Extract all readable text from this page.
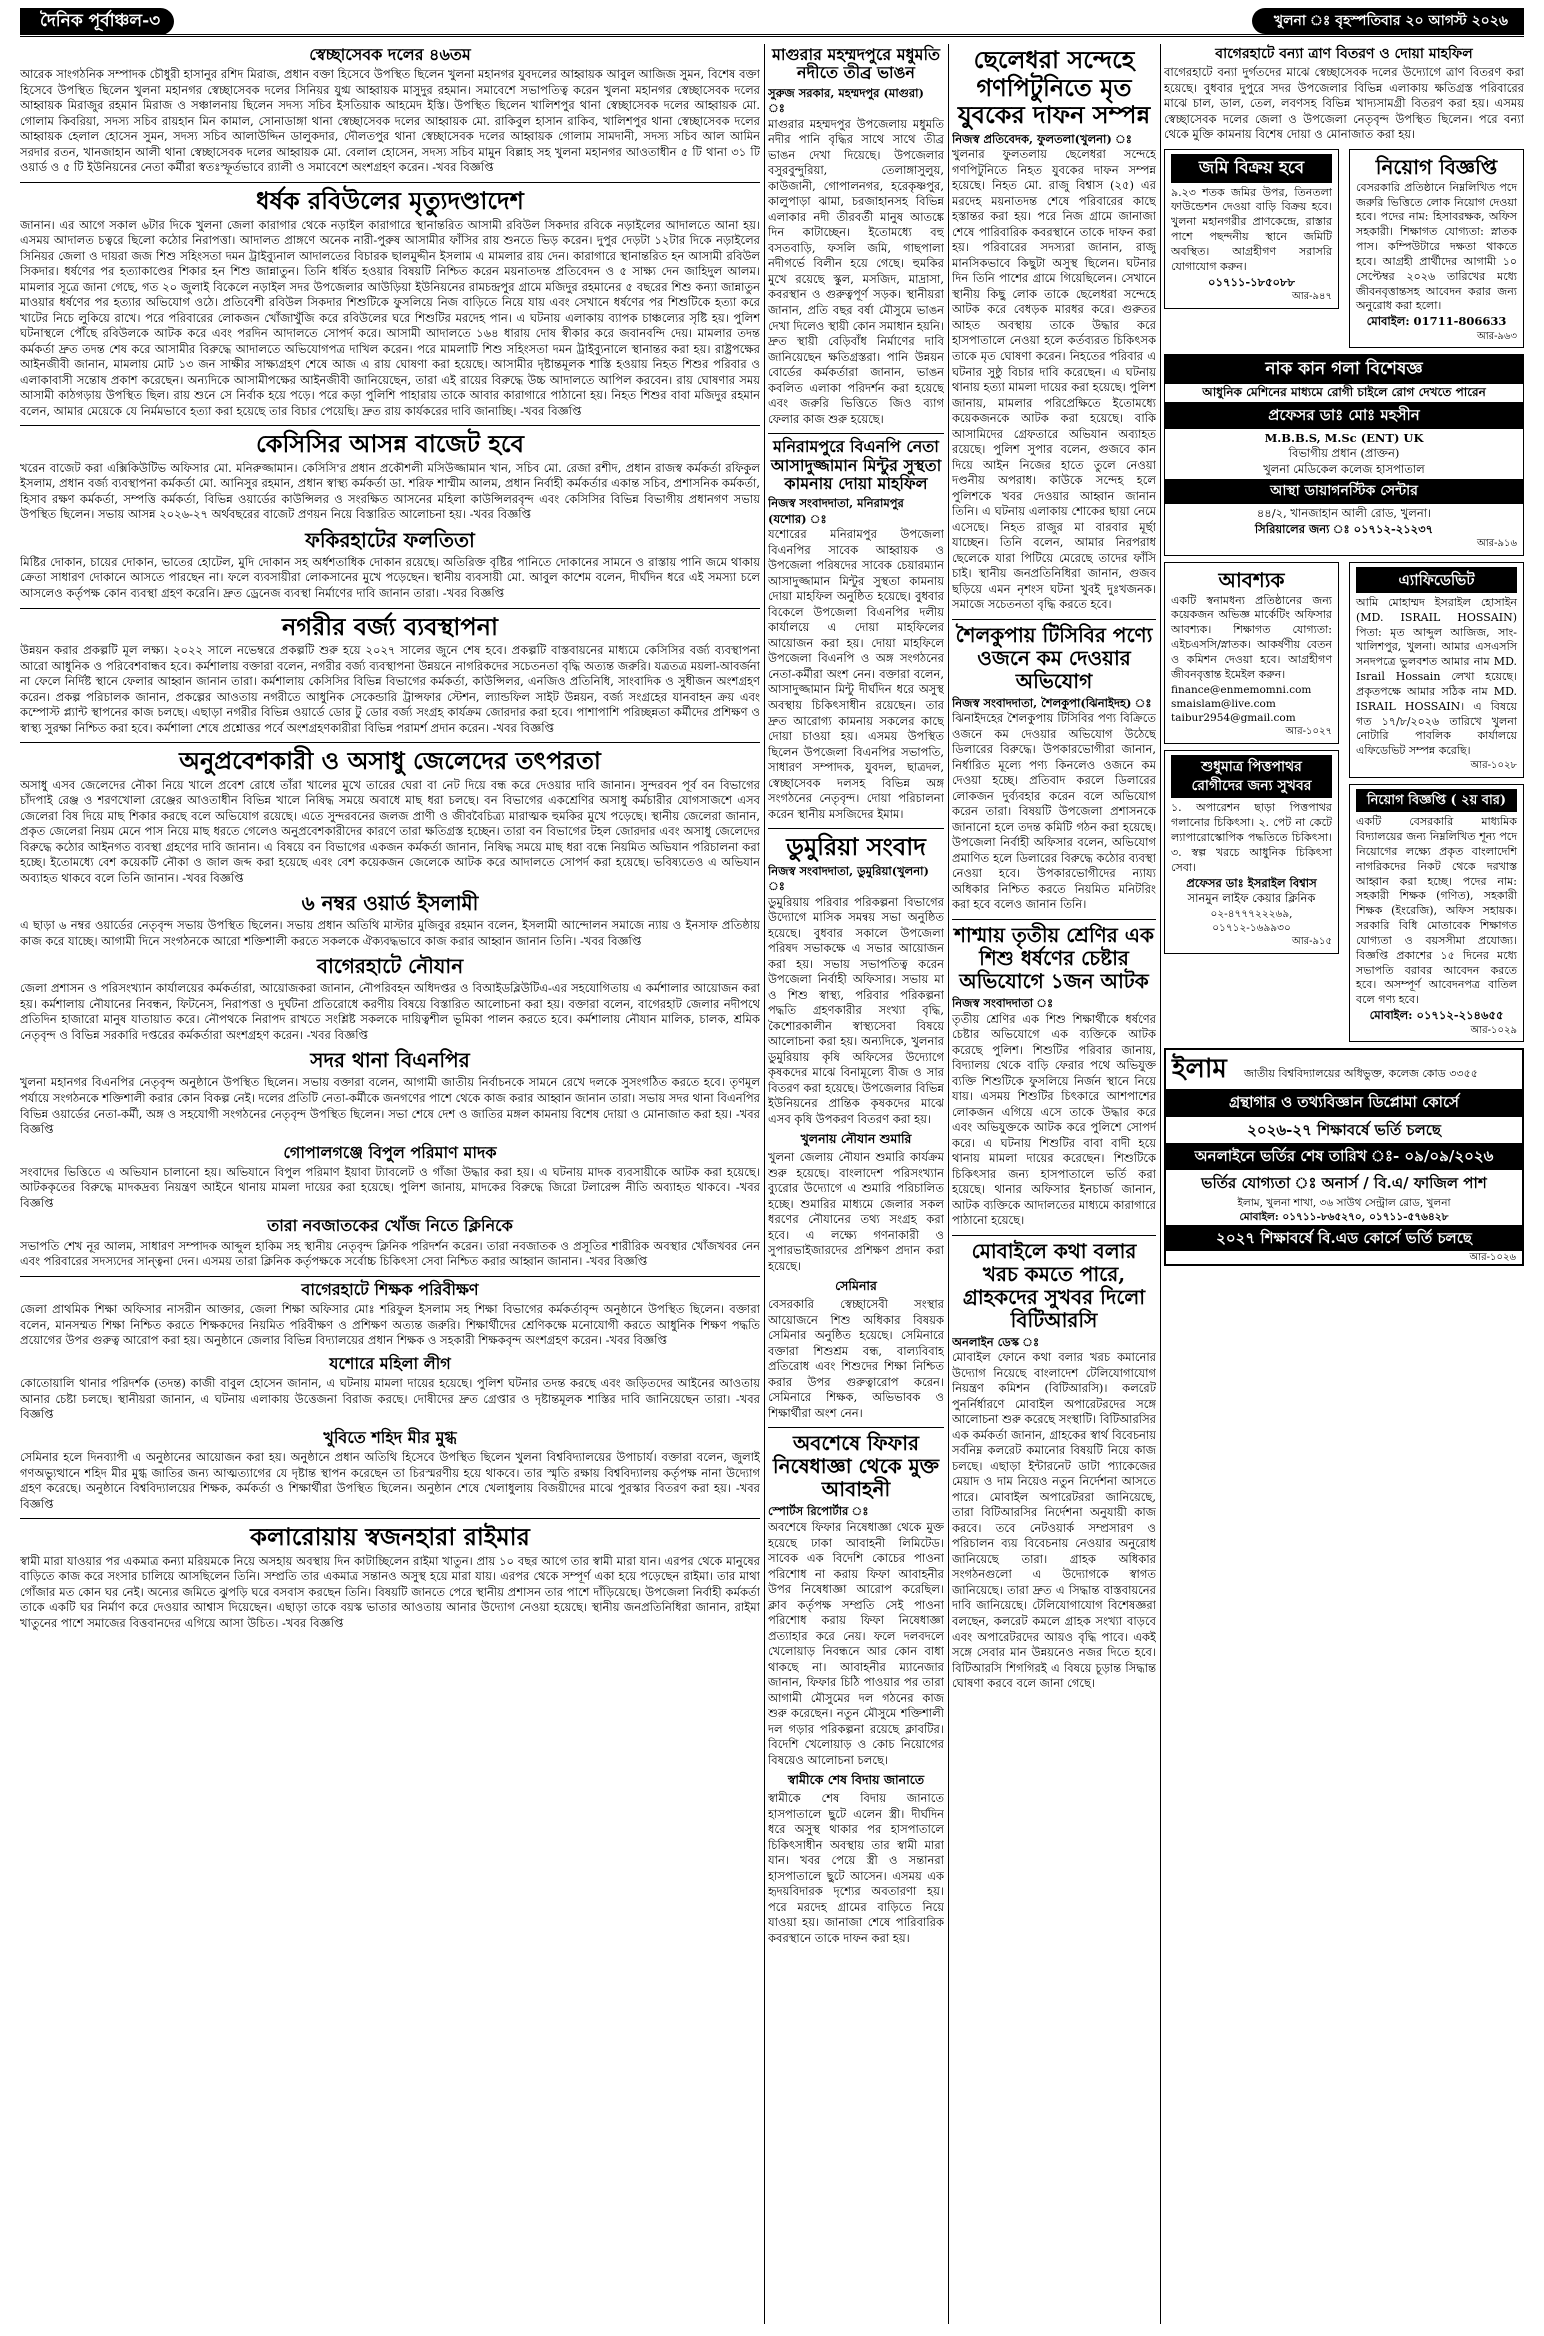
দৈনিক পূর্বাঞ্চল-৩	খুলনা ঃ বৃহস্পতিবার ২০ আগস্ট ২০২৬
স্বেচ্ছাসেবক দলের ৪৬তম
আরেক সাংগঠনিক সম্পাদক চৌধুরী হাসানুর রশিদ মিরাজ, প্রধান বক্তা হিসেবে উপস্থিত ছিলেন খুলনা মহানগর যুবদলের আহ্বায়ক আবুল আজিজ সুমন, বিশেষ বক্তা হিসেবে উপস্থিত ছিলেন খুলনা মহানগর স্বেচ্ছাসেবক দলের সিনিয়র যুগ্ম আহ্বায়ক মাসুদুর রহমান। সমাবেশে সভাপতিত্ব করেন খুলনা মহানগর স্বেচ্ছাসেবক দলের আহ্বায়ক মিরাজুর রহমান মিরাজ ও সঞ্চালনায় ছিলেন সদস্য সচিব ইসতিয়াক আহমেদ ইস্তি। উপস্থিত ছিলেন খালিশপুর থানা স্বেচ্ছাসেবক দলের আহ্বায়ক মো. গোলাম কিবরিয়া, সদস্য সচিব রায়হান মিন কামাল, সোনাডাঙ্গা থানা স্বেচ্ছাসেবক দলের আহ্বায়ক মো. রাকিবুল হাসান রাকিব, খালিশপুর থানা স্বেচ্ছাসেবক দলের আহ্বায়ক হেলাল হোসেন সুমন, সদস্য সচিব আলাউদ্দিন ডালুকদার, দৌলতপুর থানা স্বেচ্ছাসেবক দলের আহ্বায়ক গোলাম সামদানী, সদস্য সচিব আল আমিন সরদার রতন, খানজাহান আলী থানা স্বেচ্ছাসেবক দলের আহ্বায়ক মো. বেলাল হোসেন, সদস্য সচিব মামুন বিল্লাহ সহ খুলনা মহানগর আওতাধীন ৫ টি থানা ৩১ টি ওয়ার্ড ও ৫ টি ইউনিয়নের নেতা কর্মীরা স্বতঃস্ফূর্তভাবে র‍্যালী ও সমাবেশে অংশগ্রহণ করেন। -খবর বিজ্ঞপ্তি
ধর্ষক রবিউলের মৃত্যুদণ্ডাদেশ
জানান। এর আগে সকাল ৬টার দিকে খুলনা জেলা কারাগার থেকে নড়াইল কারাগারে স্থানান্তরিত আসামী রবিউল সিকদার রবিকে নড়াইলের আদালতে আনা হয়। এসময় আদালত চত্বরে ছিলো কঠোর নিরাপত্তা। আদালত প্রাঙ্গণে অনেক নারী-পুরুষ আসামীর ফাঁসির রায় শুনতে ভিড় করেন। দুপুর দেড়টা ১২টার দিকে নড়াইলের সিনিয়র জেলা ও দায়রা জজ শিশু সহিংসতা দমন ট্রাইব্যুনাল আদালতের বিচারক ছালমুদ্দীন ইসলাম এ মামলার রায় দেন। কারাগারে স্থানান্তরিত হন আসামী রবিউল সিকদার। ধর্ষণের পর হত্যাকাণ্ডের শিকার হন শিশু জান্নাতুন। তিনি ধর্ষিত হওয়ার বিষয়টি নিশ্চিত করেন ময়নাতদন্ত প্রতিবেদন ও ৫ সাক্ষ্য দেন জাহিদুল আলম। মামলার সূত্রে জানা গেছে, গত ২০ জুলাই বিকেলে নড়াইল সদর উপজেলার আউড়িয়া ইউনিয়নের রামচন্দ্রপুর গ্রামে মজিদুর রহমানের ৫ বছরের শিশু কন্যা জান্নাতুন মাওয়ার ধর্ষণের পর হত্যার অভিযোগ ওঠে। প্রতিবেশী রবিউল সিকদার শিশুটিকে ফুসলিয়ে নিজ বাড়িতে নিয়ে যায় এবং সেখানে ধর্ষণের পর শিশুটিকে হত্যা করে খাটের নিচে লুকিয়ে রাখে। পরে পরিবারের লোকজন খোঁজাখুঁজি করে রবিউলের ঘরে শিশুটির মরদেহ পান। এ ঘটনায় এলাকায় ব্যাপক চাঞ্চল্যের সৃষ্টি হয়। পুলিশ ঘটনাস্থলে পৌঁছে রবিউলকে আটক করে এবং পরদিন আদালতে সোপর্দ করে। আসামী আদালতে ১৬৪ ধারায় দোষ স্বীকার করে জবানবন্দি দেয়। মামলার তদন্ত কর্মকর্তা দ্রুত তদন্ত শেষ করে আসামীর বিরুদ্ধে আদালতে অভিযোগপত্র দাখিল করেন। পরে মামলাটি শিশু সহিংসতা দমন ট্রাইব্যুনালে স্থানান্তর করা হয়। রাষ্ট্রপক্ষের আইনজীবী জানান, মামলায় মোট ১৩ জন সাক্ষীর সাক্ষ্যগ্রহণ শেষে আজ এ রায় ঘোষণা করা হয়েছে। আসামীর দৃষ্টান্তমূলক শাস্তি হওয়ায় নিহত শিশুর পরিবার ও এলাকাবাসী সন্তোষ প্রকাশ করেছেন। অন্যদিকে আসামীপক্ষের আইনজীবী জানিয়েছেন, তারা এই রায়ের বিরুদ্ধে উচ্চ আদালতে আপিল করবেন। রায় ঘোষণার সময় আসামী কাঠগড়ায় উপস্থিত ছিল। রায় শুনে সে নির্বাক হয়ে পড়ে। পরে কড়া পুলিশি পাহারায় তাকে আবার কারাগারে পাঠানো হয়। নিহত শিশুর বাবা মজিদুর রহমান বলেন, আমার মেয়েকে যে নির্মমভাবে হত্যা করা হয়েছে তার বিচার পেয়েছি। দ্রুত রায় কার্যকরের দাবি জানাচ্ছি। -খবর বিজ্ঞপ্তি
কেসিসির আসন্ন বাজেট হবে
খরেন বাজেট করা এক্সিকিউটিভ অফিসার মো. মনিরুজ্জামান। কেসিসি'র প্রধান প্রকৌশলী মসিউজ্জামান খান, সচিব মো. রেজা রশীদ, প্রধান রাজস্ব কর্মকর্তা রফিকুল ইসলাম, প্রধান বর্জ্য ব্যবস্থাপনা কর্মকর্তা মো. আনিসুর রহমান, প্রধান স্বাস্থ্য কর্মকর্তা ডা. শরিফ শাম্মীম আলম, প্রধান নির্বাহী কর্মকর্তার একান্ত সচিব, প্রশাসনিক কর্মকর্তা, হিসাব রক্ষণ কর্মকর্তা, সম্পত্তি কর্মকর্তা, বিভিন্ন ওয়ার্ডের কাউন্সিলর ও সংরক্ষিত আসনের মহিলা কাউন্সিলরবৃন্দ এবং কেসিসির বিভিন্ন বিভাগীয় প্রধানগণ সভায় উপস্থিত ছিলেন। সভায় আসন্ন ২০২৬-২৭ অর্থবছরের বাজেট প্রণয়ন নিয়ে বিস্তারিত আলোচনা হয়। -খবর বিজ্ঞপ্তি
ফকিরহাটের ফলতিতা
মিষ্টির দোকান, চায়ের দোকান, ভাতের হোটেল, মুদি দোকান সহ অর্ধশতাধিক দোকান রয়েছে। অতিরিক্ত বৃষ্টির পানিতে দোকানের সামনে ও রাস্তায় পানি জমে থাকায় ক্রেতা সাধারণ দোকানে আসতে পারছেন না। ফলে ব্যবসায়ীরা লোকসানের মুখে পড়েছেন। স্থানীয় ব্যবসায়ী মো. আবুল কাশেম বলেন, দীর্ঘদিন ধরে এই সমস্যা চলে আসলেও কর্তৃপক্ষ কোন ব্যবস্থা গ্রহণ করেনি। দ্রুত ড্রেনেজ ব্যবস্থা নির্মাণের দাবি জানান তারা। -খবর বিজ্ঞপ্তি
নগরীর বর্জ্য ব্যবস্থাপনা
উন্নয়ন করার প্রকল্পটি মূল লক্ষ্য। ২০২২ সালে নভেম্বরে প্রকল্পটি শুরু হয়ে ২০২৭ সালের জুনে শেষ হবে। প্রকল্পটি বাস্তবায়নের মাধ্যমে কেসিসির বর্জ্য ব্যবস্থাপনা আরো আধুনিক ও পরিবেশবান্ধব হবে। কর্মশালায় বক্তারা বলেন, নগরীর বর্জ্য ব্যবস্থাপনা উন্নয়নে নাগরিকদের সচেতনতা বৃদ্ধি অত্যন্ত জরুরি। যত্রতত্র ময়লা-আবর্জনা না ফেলে নির্দিষ্ট স্থানে ফেলার আহ্বান জানান তারা। কর্মশালায় কেসিসির বিভিন্ন বিভাগের কর্মকর্তা, কাউন্সিলর, এনজিও প্রতিনিধি, সাংবাদিক ও সুধীজন অংশগ্রহণ করেন। প্রকল্প পরিচালক জানান, প্রকল্পের আওতায় নগরীতে আধুনিক সেকেন্ডারি ট্রান্সফার স্টেশন, ল্যান্ডফিল সাইট উন্নয়ন, বর্জ্য সংগ্রহের যানবাহন ক্রয় এবং কম্পোস্ট প্ল্যান্ট স্থাপনের কাজ চলছে। এছাড়া নগরীর বিভিন্ন ওয়ার্ডে ডোর টু ডোর বর্জ্য সংগ্রহ কার্যক্রম জোরদার করা হবে। পাশাপাশি পরিচ্ছন্নতা কর্মীদের প্রশিক্ষণ ও স্বাস্থ্য সুরক্ষা নিশ্চিত করা হবে। কর্মশালা শেষে প্রশ্নোত্তর পর্বে অংশগ্রহণকারীরা বিভিন্ন পরামর্শ প্রদান করেন। -খবর বিজ্ঞপ্তি
অনুপ্রবেশকারী ও অসাধু জেলেদের তৎপরতা
অসাধু এসব জেলেদের নৌকা নিয়ে খালে প্রবেশ রোধে তাঁরা খালের মুখে তারের ঘেরা বা নেট দিয়ে বন্ধ করে দেওয়ার দাবি জানান। সুন্দরবন পূর্ব বন বিভাগের চাঁদপাই রেঞ্জ ও শরণখোলা রেঞ্জের আওতাধীন বিভিন্ন খালে নিষিদ্ধ সময়ে অবাধে মাছ ধরা চলছে। বন বিভাগের একশ্রেণির অসাধু কর্মচারীর যোগসাজশে এসব জেলেরা বিষ দিয়ে মাছ শিকার করছে বলে অভিযোগ রয়েছে। এতে সুন্দরবনের জলজ প্রাণী ও জীববৈচিত্র্য মারাত্মক হুমকির মুখে পড়েছে। স্থানীয় জেলেরা জানান, প্রকৃত জেলেরা নিয়ম মেনে পাস নিয়ে মাছ ধরতে গেলেও অনুপ্রবেশকারীদের কারণে তারা ক্ষতিগ্রস্ত হচ্ছেন। তারা বন বিভাগের টহল জোরদার এবং অসাধু জেলেদের বিরুদ্ধে কঠোর আইনগত ব্যবস্থা গ্রহণের দাবি জানান। এ বিষয়ে বন বিভাগের একজন কর্মকর্তা জানান, নিষিদ্ধ সময়ে মাছ ধরা বন্ধে নিয়মিত অভিযান পরিচালনা করা হচ্ছে। ইতোমধ্যে বেশ কয়েকটি নৌকা ও জাল জব্দ করা হয়েছে এবং বেশ কয়েকজন জেলেকে আটক করে আদালতে সোপর্দ করা হয়েছে। ভবিষ্যতেও এ অভিযান অব্যাহত থাকবে বলে তিনি জানান। -খবর বিজ্ঞপ্তি
৬ নম্বর ওয়ার্ড ইসলামী
এ ছাড়া ৬ নম্বর ওয়ার্ডের নেতৃবৃন্দ সভায় উপস্থিত ছিলেন। সভায় প্রধান অতিথি মাস্টার মুজিবুর রহমান বলেন, ইসলামী আন্দোলন সমাজে ন্যায় ও ইনসাফ প্রতিষ্ঠায় কাজ করে যাচ্ছে। আগামী দিনে সংগঠনকে আরো শক্তিশালী করতে সকলকে ঐক্যবদ্ধভাবে কাজ করার আহ্বান জানান তিনি। -খবর বিজ্ঞপ্তি
বাগেরহাটে নৌযান
জেলা প্রশাসন ও পরিসংখ্যান কার্যালয়ের কর্মকর্তারা, আয়োজকরা জানান, নৌপরিবহন অধিদপ্তর ও বিআইডব্লিউটিএ-এর সহযোগিতায় এ কর্মশালার আয়োজন করা হয়। কর্মশালায় নৌযানের নিবন্ধন, ফিটনেস, নিরাপত্তা ও দুর্ঘটনা প্রতিরোধে করণীয় বিষয়ে বিস্তারিত আলোচনা করা হয়। বক্তারা বলেন, বাগেরহাট জেলার নদীপথে প্রতিদিন হাজারো মানুষ যাতায়াত করে। নৌপথকে নিরাপদ রাখতে সংশ্লিষ্ট সকলকে দায়িত্বশীল ভূমিকা পালন করতে হবে। কর্মশালায় নৌযান মালিক, চালক, শ্রমিক নেতৃবৃন্দ ও বিভিন্ন সরকারি দপ্তরের কর্মকর্তারা অংশগ্রহণ করেন। -খবর বিজ্ঞপ্তি
সদর থানা বিএনপির
খুলনা মহানগর বিএনপির নেতৃবৃন্দ অনুষ্ঠানে উপস্থিত ছিলেন। সভায় বক্তারা বলেন, আগামী জাতীয় নির্বাচনকে সামনে রেখে দলকে সুসংগঠিত করতে হবে। তৃণমূল পর্যায়ে সংগঠনকে শক্তিশালী করার কোন বিকল্প নেই। দলের প্রতিটি নেতা-কর্মীকে জনগণের পাশে থেকে কাজ করার আহ্বান জানান তারা। সভায় সদর থানা বিএনপির বিভিন্ন ওয়ার্ডের নেতা-কর্মী, অঙ্গ ও সহযোগী সংগঠনের নেতৃবৃন্দ উপস্থিত ছিলেন। সভা শেষে দেশ ও জাতির মঙ্গল কামনায় বিশেষ দোয়া ও মোনাজাত করা হয়। -খবর বিজ্ঞপ্তি
গোপালগঞ্জে বিপুল পরিমাণ মাদক
সংবাদের ভিত্তিতে এ অভিযান চালানো হয়। অভিযানে বিপুল পরিমাণ ইয়াবা ট্যাবলেট ও গাঁজা উদ্ধার করা হয়। এ ঘটনায় মাদক ব্যবসায়ীকে আটক করা হয়েছে। আটককৃতের বিরুদ্ধে মাদকদ্রব্য নিয়ন্ত্রণ আইনে থানায় মামলা দায়ের করা হয়েছে। পুলিশ জানায়, মাদকের বিরুদ্ধে জিরো টলারেন্স নীতি অব্যাহত থাকবে। -খবর বিজ্ঞপ্তি
তারা নবজাতকের খোঁজ নিতে ক্লিনিকে
সভাপতি শেখ নূর আলম, সাধারণ সম্পাদক আব্দুল হাকিম সহ স্থানীয় নেতৃবৃন্দ ক্লিনিক পরিদর্শন করেন। তারা নবজাতক ও প্রসূতির শারীরিক অবস্থার খোঁজখবর নেন এবং পরিবারের সদস্যদের সান্ত্বনা দেন। এসময় তারা ক্লিনিক কর্তৃপক্ষকে সর্বোচ্চ চিকিৎসা সেবা নিশ্চিত করার আহ্বান জানান। -খবর বিজ্ঞপ্তি
বাগেরহাটে শিক্ষক পরিবীক্ষণ
জেলা প্রাথমিক শিক্ষা অফিসার নাসরীন আক্তার, জেলা শিক্ষা অফিসার মোঃ শরিফুল ইসলাম সহ শিক্ষা বিভাগের কর্মকর্তাবৃন্দ অনুষ্ঠানে উপস্থিত ছিলেন। বক্তারা বলেন, মানসম্মত শিক্ষা নিশ্চিত করতে শিক্ষকদের নিয়মিত পরিবীক্ষণ ও প্রশিক্ষণ অত্যন্ত জরুরি। শিক্ষার্থীদের শ্রেণিকক্ষে মনোযোগী করতে আধুনিক শিক্ষণ পদ্ধতি প্রয়োগের উপর গুরুত্ব আরোপ করা হয়। অনুষ্ঠানে জেলার বিভিন্ন বিদ্যালয়ের প্রধান শিক্ষক ও সহকারী শিক্ষকবৃন্দ অংশগ্রহণ করেন। -খবর বিজ্ঞপ্তি
যশোরে মহিলা লীগ
কোতোয়ালি থানার পরিদর্শক (তদন্ত) কাজী বাবুল হোসেন জানান, এ ঘটনায় মামলা দায়ের হয়েছে। পুলিশ ঘটনার তদন্ত করছে এবং জড়িতদের আইনের আওতায় আনার চেষ্টা চলছে। স্থানীয়রা জানান, এ ঘটনায় এলাকায় উত্তেজনা বিরাজ করছে। দোষীদের দ্রুত গ্রেপ্তার ও দৃষ্টান্তমূলক শাস্তির দাবি জানিয়েছেন তারা। -খবর বিজ্ঞপ্তি
খুবিতে শহিদ মীর মুগ্ধ
সেমিনার হলে দিনব্যাপী এ অনুষ্ঠানের আয়োজন করা হয়। অনুষ্ঠানে প্রধান অতিথি হিসেবে উপস্থিত ছিলেন খুলনা বিশ্ববিদ্যালয়ের উপাচার্য। বক্তারা বলেন, জুলাই গণঅভ্যুত্থানে শহিদ মীর মুগ্ধ জাতির জন্য আত্মত্যাগের যে দৃষ্টান্ত স্থাপন করেছেন তা চিরস্মরণীয় হয়ে থাকবে। তার স্মৃতি রক্ষায় বিশ্ববিদ্যালয় কর্তৃপক্ষ নানা উদ্যোগ গ্রহণ করেছে। অনুষ্ঠানে বিশ্ববিদ্যালয়ের শিক্ষক, কর্মকর্তা ও শিক্ষার্থীরা উপস্থিত ছিলেন। অনুষ্ঠান শেষে খেলাধুলায় বিজয়ীদের মাঝে পুরস্কার বিতরণ করা হয়। -খবর বিজ্ঞপ্তি
কলারোয়ায় স্বজনহারা রাইমার
স্বামী মারা যাওয়ার পর একমাত্র কন্যা মরিয়মকে নিয়ে অসহায় অবস্থায় দিন কাটাচ্ছিলেন রাইমা খাতুন। প্রায় ১০ বছর আগে তার স্বামী মারা যান। এরপর থেকে মানুষের বাড়িতে কাজ করে সংসার চালিয়ে আসছিলেন তিনি। সম্প্রতি তার একমাত্র সন্তানও অসুস্থ হয়ে মারা যায়। এরপর থেকে সম্পূর্ণ একা হয়ে পড়েছেন রাইমা। তার মাথা গোঁজার মত কোন ঘর নেই। অন্যের জমিতে ঝুপড়ি ঘরে বসবাস করছেন তিনি। বিষয়টি জানতে পেরে স্থানীয় প্রশাসন তার পাশে দাঁড়িয়েছে। উপজেলা নির্বাহী কর্মকর্তা তাকে একটি ঘর নির্মাণ করে দেওয়ার আশ্বাস দিয়েছেন। এছাড়া তাকে বয়স্ক ভাতার আওতায় আনার উদ্যোগ নেওয়া হয়েছে। স্থানীয় জনপ্রতিনিধিরা জানান, রাইমা খাতুনের পাশে সমাজের বিত্তবানদের এগিয়ে আসা উচিত। -খবর বিজ্ঞপ্তি
মাগুরার মহম্মদপুরে মধুমতি নদীতে তীব্র ভাঙন
সুরুজ সরকার, মহম্মদপুর (মাগুরা) ঃ
মাগুরার মহম্মদপুর উপজেলায় মধুমতি নদীর পানি বৃদ্ধির সাথে সাথে তীব্র ভাঙন দেখা দিয়েছে। উপজেলার বসুরবুন্দুরিয়া, তেলাঙ্গাসুলুয়, কাউজানী, গোপালনগর, হরেকৃষ্ণপুর, কালুপাড়া ঝামা, চরজাহানসহ বিভিন্ন এলাকার নদী তীরবর্তী মানুষ আতঙ্কে দিন কাটাচ্ছেন। ইতোমধ্যে বহু বসতবাড়ি, ফসলি জমি, গাছপালা নদীগর্ভে বিলীন হয়ে গেছে। হুমকির মুখে রয়েছে স্কুল, মসজিদ, মাদ্রাসা, কবরস্থান ও গুরুত্বপূর্ণ সড়ক। স্থানীয়রা জানান, প্রতি বছর বর্ষা মৌসুমে ভাঙন দেখা দিলেও স্থায়ী কোন সমাধান হয়নি। দ্রুত স্থায়ী বেড়িবাঁধ নির্মাণের দাবি জানিয়েছেন ক্ষতিগ্রস্তরা। পানি উন্নয়ন বোর্ডের কর্মকর্তারা জানান, ভাঙন কবলিত এলাকা পরিদর্শন করা হয়েছে এবং জরুরি ভিত্তিতে জিও ব্যাগ ফেলার কাজ শুরু হয়েছে।
মনিরামপুরে বিএনপি নেতা আসাদুজ্জামান মিন্টুর সুস্থতা কামনায় দোয়া মাহফিল
নিজস্ব সংবাদদাতা, মনিরামপুর (যশোর) ঃ
যশোরের মনিরামপুর উপজেলা বিএনপির সাবেক আহ্বায়ক ও উপজেলা পরিষদের সাবেক চেয়ারম্যান আসাদুজ্জামান মিন্টুর সুস্থতা কামনায় দোয়া মাহফিল অনুষ্ঠিত হয়েছে। বুধবার বিকেলে উপজেলা বিএনপির দলীয় কার্যালয়ে এ দোয়া মাহফিলের আয়োজন করা হয়। দোয়া মাহফিলে উপজেলা বিএনপি ও অঙ্গ সংগঠনের নেতা-কর্মীরা অংশ নেন। বক্তারা বলেন, আসাদুজ্জামান মিন্টু দীর্ঘদিন ধরে অসুস্থ অবস্থায় চিকিৎসাধীন রয়েছেন। তার দ্রুত আরোগ্য কামনায় সকলের কাছে দোয়া চাওয়া হয়। এসময় উপস্থিত ছিলেন উপজেলা বিএনপির সভাপতি, সাধারণ সম্পাদক, যুবদল, ছাত্রদল, স্বেচ্ছাসেবক দলসহ বিভিন্ন অঙ্গ সংগঠনের নেতৃবৃন্দ। দোয়া পরিচালনা করেন স্থানীয় মসজিদের ইমাম।
ডুমুরিয়া সংবাদ
নিজস্ব সংবাদদাতা, ডুমুরিয়া(খুলনা) ঃ
ডুমুরিয়ায় পরিবার পরিকল্পনা বিভাগের উদ্যোগে মাসিক সমন্বয় সভা অনুষ্ঠিত হয়েছে। বুধবার সকালে উপজেলা পরিষদ সভাকক্ষে এ সভার আয়োজন করা হয়। সভায় সভাপতিত্ব করেন উপজেলা নির্বাহী অফিসার। সভায় মা ও শিশু স্বাস্থ্য, পরিবার পরিকল্পনা পদ্ধতি গ্রহণকারীর সংখ্যা বৃদ্ধি, কৈশোরকালীন স্বাস্থ্যসেবা বিষয়ে আলোচনা করা হয়। অন্যদিকে, খুলনার ডুমুরিয়ায় কৃষি অফিসের উদ্যোগে কৃষকদের মাঝে বিনামূল্যে বীজ ও সার বিতরণ করা হয়েছে। উপজেলার বিভিন্ন ইউনিয়নের প্রান্তিক কৃষকদের মাঝে এসব কৃষি উপকরণ বিতরণ করা হয়।
খুলনায় নৌযান শুমারি
খুলনা জেলায় নৌযান শুমারি কার্যক্রম শুরু হয়েছে। বাংলাদেশ পরিসংখ্যান ব্যুরোর উদ্যোগে এ শুমারি পরিচালিত হচ্ছে। শুমারির মাধ্যমে জেলার সকল ধরণের নৌযানের তথ্য সংগ্রহ করা হবে। এ লক্ষ্যে গণনাকারী ও সুপারভাইজারদের প্রশিক্ষণ প্রদান করা হয়েছে।
সেমিনার
বেসরকারি স্বেচ্ছাসেবী সংস্থার আয়োজনে শিশু অধিকার বিষয়ক সেমিনার অনুষ্ঠিত হয়েছে। সেমিনারে বক্তারা শিশুশ্রম বন্ধ, বাল্যবিবাহ প্রতিরোধ এবং শিশুদের শিক্ষা নিশ্চিত করার উপর গুরুত্বারোপ করেন। সেমিনারে শিক্ষক, অভিভাবক ও শিক্ষার্থীরা অংশ নেন।
অবশেষে ফিফার নিষেধাজ্ঞা থেকে মুক্ত আবাহনী
স্পোর্টস রিপোর্টার ঃ
অবশেষে ফিফার নিষেধাজ্ঞা থেকে মুক্ত হয়েছে ঢাকা আবাহনী লিমিটেড। সাবেক এক বিদেশি কোচের পাওনা পরিশোধ না করায় ফিফা আবাহনীর উপর নিষেধাজ্ঞা আরোপ করেছিল। ক্লাব কর্তৃপক্ষ সম্প্রতি সেই পাওনা পরিশোধ করায় ফিফা নিষেধাজ্ঞা প্রত্যাহার করে নেয়। ফলে দলবদলে খেলোয়াড় নিবন্ধনে আর কোন বাধা থাকছে না। আবাহনীর ম্যানেজার জানান, ফিফার চিঠি পাওয়ার পর তারা আগামী মৌসুমের দল গঠনের কাজ শুরু করেছেন। নতুন মৌসুমে শক্তিশালী দল গড়ার পরিকল্পনা রয়েছে ক্লাবটির। বিদেশি খেলোয়াড় ও কোচ নিয়োগের বিষয়েও আলোচনা চলছে।
স্বামীকে শেষ বিদায় জানাতে
স্বামীকে শেষ বিদায় জানাতে হাসপাতালে ছুটে এলেন স্ত্রী। দীর্ঘদিন ধরে অসুস্থ থাকার পর হাসপাতালে চিকিৎসাধীন অবস্থায় তার স্বামী মারা যান। খবর পেয়ে স্ত্রী ও সন্তানরা হাসপাতালে ছুটে আসেন। এসময় এক হৃদয়বিদারক দৃশ্যের অবতারণা হয়। পরে মরদেহ গ্রামের বাড়িতে নিয়ে যাওয়া হয়। জানাজা শেষে পারিবারিক কবরস্থানে তাকে দাফন করা হয়।
ছেলেধরা সন্দেহে গণপিটুনিতে মৃত যুবকের দাফন সম্পন্ন
নিজস্ব প্রতিবেদক, ফুলতলা(খুলনা) ঃ
খুলনার ফুলতলায় ছেলেধরা সন্দেহে গণপিটুনিতে নিহত যুবকের দাফন সম্পন্ন হয়েছে। নিহত মো. রাজু বিশ্বাস (২৫) এর মরদেহ ময়নাতদন্ত শেষে পরিবারের কাছে হস্তান্তর করা হয়। পরে নিজ গ্রামে জানাজা শেষে পারিবারিক কবরস্থানে তাকে দাফন করা হয়। পরিবারের সদস্যরা জানান, রাজু মানসিকভাবে কিছুটা অসুস্থ ছিলেন। ঘটনার দিন তিনি পাশের গ্রামে গিয়েছিলেন। সেখানে স্থানীয় কিছু লোক তাকে ছেলেধরা সন্দেহে আটক করে বেধড়ক মারধর করে। গুরুতর আহত অবস্থায় তাকে উদ্ধার করে হাসপাতালে নেওয়া হলে কর্তব্যরত চিকিৎসক তাকে মৃত ঘোষণা করেন। নিহতের পরিবার এ ঘটনার সুষ্ঠু বিচার দাবি করেছেন। এ ঘটনায় থানায় হত্যা মামলা দায়ের করা হয়েছে। পুলিশ জানায়, মামলার পরিপ্রেক্ষিতে ইতোমধ্যে কয়েকজনকে আটক করা হয়েছে। বাকি আসামিদের গ্রেফতারে অভিযান অব্যাহত রয়েছে। পুলিশ সুপার বলেন, গুজবে কান দিয়ে আইন নিজের হাতে তুলে নেওয়া দণ্ডনীয় অপরাধ। কাউকে সন্দেহ হলে পুলিশকে খবর দেওয়ার আহ্বান জানান তিনি। এ ঘটনায় এলাকায় শোকের ছায়া নেমে এসেছে। নিহত রাজুর মা বারবার মূর্ছা যাচ্ছেন। তিনি বলেন, আমার নিরপরাধ ছেলেকে যারা পিটিয়ে মেরেছে তাদের ফাঁসি চাই। স্থানীয় জনপ্রতিনিধিরা জানান, গুজব ছড়িয়ে এমন নৃশংস ঘটনা খুবই দুঃখজনক। সমাজে সচেতনতা বৃদ্ধি করতে হবে।
শৈলকুপায় টিসিবির পণ্যে ওজনে কম দেওয়ার অভিযোগ
নিজস্ব সংবাদদাতা, শৈলকুপা(ঝিনাইদহ) ঃ
ঝিনাইদহের শৈলকুপায় টিসিবির পণ্য বিক্রিতে ওজনে কম দেওয়ার অভিযোগ উঠেছে ডিলারের বিরুদ্ধে। উপকারভোগীরা জানান, নির্ধারিত মূল্যে পণ্য কিনলেও ওজনে কম দেওয়া হচ্ছে। প্রতিবাদ করলে ডিলারের লোকজন দুর্ব্যবহার করেন বলে অভিযোগ করেন তারা। বিষয়টি উপজেলা প্রশাসনকে জানানো হলে তদন্ত কমিটি গঠন করা হয়েছে। উপজেলা নির্বাহী অফিসার বলেন, অভিযোগ প্রমাণিত হলে ডিলারের বিরুদ্ধে কঠোর ব্যবস্থা নেওয়া হবে। উপকারভোগীদের ন্যায্য অধিকার নিশ্চিত করতে নিয়মিত মনিটরিং করা হবে বলেও জানান তিনি।
শাশ্মায় তৃতীয় শ্রেণির এক শিশু ধর্ষণের চেষ্টার অভিযোগে ১জন আটক
নিজস্ব সংবাদদাতা ঃ
তৃতীয় শ্রেণির এক শিশু শিক্ষার্থীকে ধর্ষণের চেষ্টার অভিযোগে এক ব্যক্তিকে আটক করেছে পুলিশ। শিশুটির পরিবার জানায়, বিদ্যালয় থেকে বাড়ি ফেরার পথে অভিযুক্ত ব্যক্তি শিশুটিকে ফুসলিয়ে নির্জন স্থানে নিয়ে যায়। এসময় শিশুটির চিৎকারে আশপাশের লোকজন এগিয়ে এসে তাকে উদ্ধার করে এবং অভিযুক্তকে আটক করে পুলিশে সোপর্দ করে। এ ঘটনায় শিশুটির বাবা বাদী হয়ে থানায় মামলা দায়ের করেছেন। শিশুটিকে চিকিৎসার জন্য হাসপাতালে ভর্তি করা হয়েছে। থানার অফিসার ইনচার্জ জানান, আটক ব্যক্তিকে আদালতের মাধ্যমে কারাগারে পাঠানো হয়েছে।
মোবাইলে কথা বলার খরচ কমতে পারে, গ্রাহকদের সুখবর দিলো বিটিআরসি
অনলাইন ডেস্ক ঃ
মোবাইল ফোনে কথা বলার খরচ কমানোর উদ্যোগ নিয়েছে বাংলাদেশ টেলিযোগাযোগ নিয়ন্ত্রণ কমিশন (বিটিআরসি)। কলরেট পুনর্নির্ধারণে মোবাইল অপারেটরদের সঙ্গে আলোচনা শুরু করেছে সংস্থাটি। বিটিআরসির এক কর্মকর্তা জানান, গ্রাহকের স্বার্থ বিবেচনায় সর্বনিম্ন কলরেট কমানোর বিষয়টি নিয়ে কাজ চলছে। এছাড়া ইন্টারনেট ডাটা প্যাকেজের মেয়াদ ও দাম নিয়েও নতুন নির্দেশনা আসতে পারে। মোবাইল অপারেটররা জানিয়েছে, তারা বিটিআরসির নির্দেশনা অনুযায়ী কাজ করবে। তবে নেটওয়ার্ক সম্প্রসারণ ও পরিচালন ব্যয় বিবেচনায় নেওয়ার অনুরোধ জানিয়েছে তারা। গ্রাহক অধিকার সংগঠনগুলো এ উদ্যোগকে স্বাগত জানিয়েছে। তারা দ্রুত এ সিদ্ধান্ত বাস্তবায়নের দাবি জানিয়েছে। টেলিযোগাযোগ বিশেষজ্ঞরা বলছেন, কলরেট কমলে গ্রাহক সংখ্যা বাড়বে এবং অপারেটরদের আয়ও বৃদ্ধি পাবে। একই সঙ্গে সেবার মান উন্নয়নেও নজর দিতে হবে। বিটিআরসি শিগগিরই এ বিষয়ে চূড়ান্ত সিদ্ধান্ত ঘোষণা করবে বলে জানা গেছে।
বাগেরহাটে বন্যা ত্রাণ বিতরণ ও দোয়া মাহফিল
বাগেরহাটে বন্যা দুর্গতদের মাঝে স্বেচ্ছাসেবক দলের উদ্যোগে ত্রাণ বিতরণ করা হয়েছে। বুধবার দুপুরে সদর উপজেলার বিভিন্ন এলাকায় ক্ষতিগ্রস্ত পরিবারের মাঝে চাল, ডাল, তেল, লবণসহ বিভিন্ন খাদ্যসামগ্রী বিতরণ করা হয়। এসময় স্বেচ্ছাসেবক দলের জেলা ও উপজেলা নেতৃবৃন্দ উপস্থিত ছিলেন। পরে বন্যা থেকে মুক্তি কামনায় বিশেষ দোয়া ও মোনাজাত করা হয়।
জমি বিক্রয় হবে
৯.২৩ শতক জমির উপর, তিনতলা ফাউন্ডেশন দেওয়া বাড়ি বিক্রয় হবে। খুলনা মহানগরীর প্রাণকেন্দ্রে, রাস্তার পাশে পছন্দনীয় স্থানে জমিটি অবস্থিত। আগ্রহীগণ সরাসরি যোগাযোগ করুন।
০১৭১১-১৮৫০৮৮
আর-৯৪৭
নিয়োগ বিজ্ঞপ্তি
বেসরকারি প্রতিষ্ঠানে নিম্নলিখিত পদে জরুরি ভিত্তিতে লোক নিয়োগ দেওয়া হবে। পদের নাম: হিসাবরক্ষক, অফিস সহকারী। শিক্ষাগত যোগ্যতা: স্নাতক পাস। কম্পিউটারে দক্ষতা থাকতে হবে। আগ্রহী প্রার্থীদের আগামী ১০ সেপ্টেম্বর ২০২৬ তারিখের মধ্যে জীবনবৃত্তান্তসহ আবেদন করার জন্য অনুরোধ করা হলো।
মোবাইল: 01711-806633
আর-৯৬৩
নাক কান গলা বিশেষজ্ঞ
আধুনিক মেশিনের মাধ্যমে রোগী চাইলে রোগ দেখতে পারেন
প্রফেসর ডাঃ মোঃ মহসীন
M.B.B.S, M.Sc (ENT) UK
বিভাগীয় প্রধান (প্রাক্তন)
খুলনা মেডিকেল কলেজ হাসপাতাল
আস্থা ডায়াগনস্টিক সেন্টার
৪৪/২, খানজাহান আলী রোড, খুলনা।
সিরিয়ালের জন্য ঃ ০১৭১২-২১২৩৭
আর-৯১৬
আবশ্যক
একটি স্বনামধন্য প্রতিষ্ঠানের জন্য কয়েকজন অভিজ্ঞ মার্কেটিং অফিসার আবশ্যক। শিক্ষাগত যোগ্যতা: এইচএসসি/স্নাতক। আকর্ষণীয় বেতন ও কমিশন দেওয়া হবে। আগ্রহীগণ জীবনবৃত্তান্ত ইমেইল করুন।
finance@enmemomni.com
smaislam@live.com
taibur2954@gmail.com
আর-১০২৭
শুধুমাত্র পিত্তপাথর রোগীদের জন্য সুখবর
১. অপারেশন ছাড়া পিত্তপাথর গলানোর চিকিৎসা। ২. পেট না কেটে ল্যাপারোস্কোপিক পদ্ধতিতে চিকিৎসা। ৩. স্বল্প খরচে আধুনিক চিকিৎসা সেবা।
প্রফেসর ডাঃ ইসরাইল বিশ্বাস
সানমুন লাইফ কেয়ার ক্লিনিক
০২-৪৭৭৭২২২৬৯, ০১৭১২-১৬৯৯৩০
আর-৯১৫
এ্যাফিডেভিট
আমি মোহাম্মদ ইসরাইল হোসাইন (MD. ISRAIL HOSSAIN) পিতা: মৃত আব্দুল আজিজ, সাং- খালিশপুর, খুলনা। আমার এসএসসি সনদপত্রে ভুলবশত আমার নাম MD. Israil Hossain লেখা হয়েছে। প্রকৃতপক্ষে আমার সঠিক নাম MD. ISRAIL HOSSAIN। এ বিষয়ে গত ১৭/৮/২০২৬ তারিখে খুলনা নোটারি পাবলিক কার্যালয়ে এফিডেভিট সম্পন্ন করেছি।
আর-১০২৮
নিয়োগ বিজ্ঞপ্তি ( ২য় বার)
একটি বেসরকারি মাধ্যমিক বিদ্যালয়ের জন্য নিম্নলিখিত শূন্য পদে নিয়োগের লক্ষ্যে প্রকৃত বাংলাদেশি নাগরিকদের নিকট থেকে দরখাস্ত আহ্বান করা হচ্ছে। পদের নাম: সহকারী শিক্ষক (গণিত), সহকারী শিক্ষক (ইংরেজি), অফিস সহায়ক। সরকারি বিধি মোতাবেক শিক্ষাগত যোগ্যতা ও বয়সসীমা প্রযোজ্য। বিজ্ঞপ্তি প্রকাশের ১৫ দিনের মধ্যে সভাপতি বরাবর আবেদন করতে হবে। অসম্পূর্ণ আবেদনপত্র বাতিল বলে গণ্য হবে।
মোবাইল: ০১৭১২-২১৪৬৫৫
আর-১০২৯
ইলাম জাতীয় বিশ্ববিদ্যালয়ের অধিভুক্ত, কলেজ কোড ৩৩৫৫
গ্রন্থাগার ও তথ্যবিজ্ঞান ডিপ্লোমা কোর্সে
২০২৬-২৭ শিক্ষাবর্ষে ভর্তি চলছে
অনলাইনে ভর্তির শেষ তারিখ ঃ- ০৯/০৯/২০২৬
ভর্তির যোগ্যতা ঃ অনার্স / বি.এ/ ফাজিল পাশ
ইলাম, খুলনা শাখা, ৩৬ সাউথ সেন্ট্রাল রোড, খুলনা
মোবাইল: ০১৭১১-৮৬৫২৭০, ০১৭১১-৫৭৬৪২৮
২০২৭ শিক্ষাবর্ষে বি.এড কোর্সে ভর্তি চলছে
আর-১০২৬
